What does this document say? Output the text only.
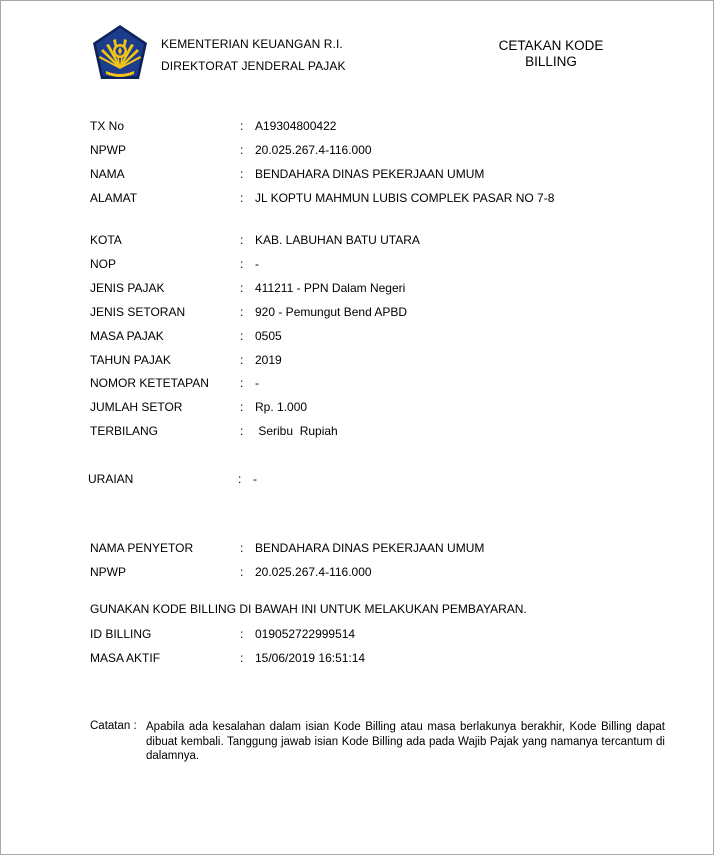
KEMENTERIAN KEUANGAN R.I.
DIREKTORAT JENDERAL PAJAK
CETAKAN KODE
BILLING
TX No	: A19304800422
NPWP	: 20.025.267.4-116.000
NAMA	: BENDAHARA DINAS PEKERJAAN UMUM
ALAMAT	: JL KOPTU MAHMUN LUBIS COMPLEK PASAR NO 7-8
KOTA	: KAB. LABUHAN BATU UTARA
NOP	: -
JENIS PAJAK	: 411211 - PPN Dalam Negeri
JENIS SETORAN	: 920 - Pemungut Bend APBD
MASA PAJAK	: 0505
TAHUN PAJAK	: 2019
NOMOR KETETAPAN	: -
JUMLAH SETOR	: Rp. 1.000
TERBILANG	: Seribu  Rupiah
URAIAN	: -
NAMA PENYETOR	: BENDAHARA DINAS PEKERJAAN UMUM
NPWP	: 20.025.267.4-116.000
GUNAKAN KODE BILLING DI BAWAH INI UNTUK MELAKUKAN PEMBAYARAN.
ID BILLING	: 019052722999514
MASA AKTIF	: 15/06/2019 16:51:14
Catatan : Apabila ada kesalahan dalam isian Kode Billing atau masa berlakunya berakhir, Kode Billing dapat dibuat kembali. Tanggung jawab isian Kode Billing ada pada Wajib Pajak yang namanya tercantum di dalamnya.
